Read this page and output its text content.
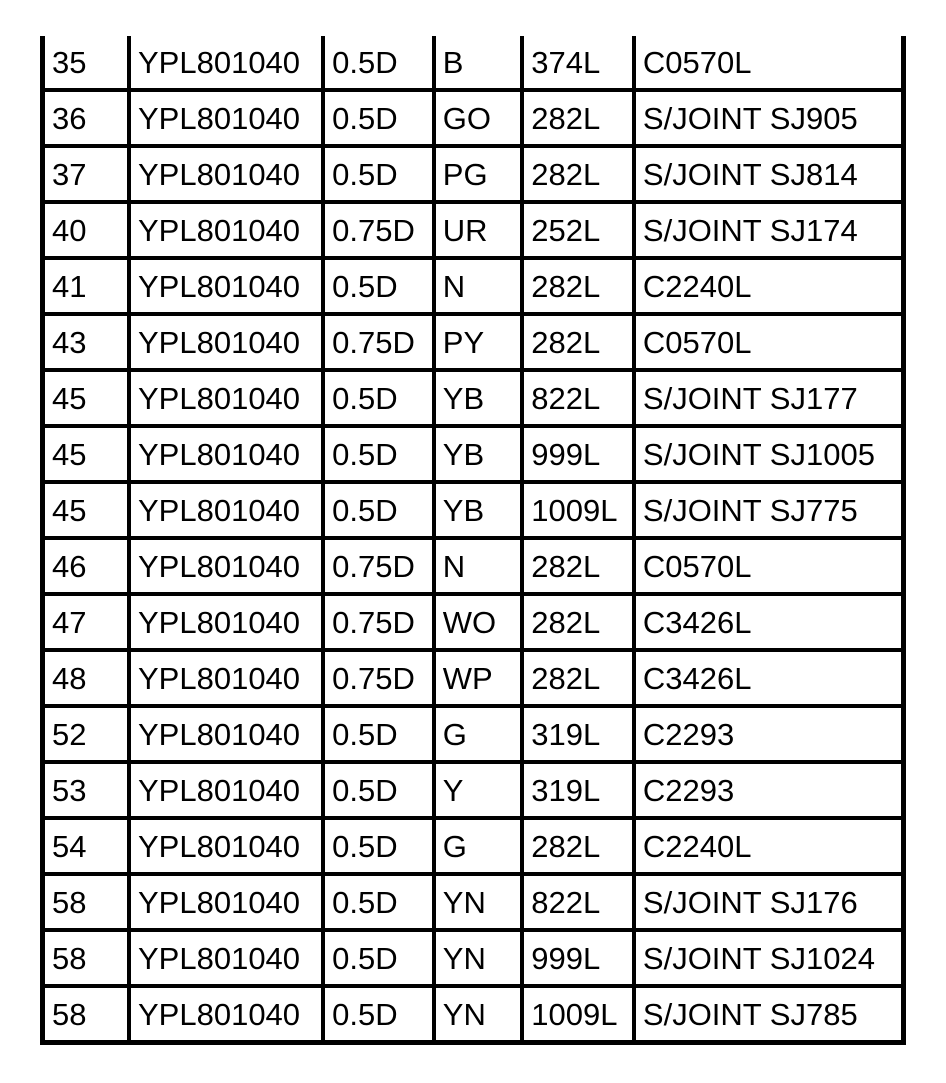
35	YPL801040	0.5D	B	374L	C0570L
36	YPL801040	0.5D	GO	282L	S/JOINT SJ905
37	YPL801040	0.5D	PG	282L	S/JOINT SJ814
40	YPL801040	0.75D	UR	252L	S/JOINT SJ174
41	YPL801040	0.5D	N	282L	C2240L
43	YPL801040	0.75D	PY	282L	C0570L
45	YPL801040	0.5D	YB	822L	S/JOINT SJ177
45	YPL801040	0.5D	YB	999L	S/JOINT SJ1005
45	YPL801040	0.5D	YB	1009L	S/JOINT SJ775
46	YPL801040	0.75D	N	282L	C0570L
47	YPL801040	0.75D	WO	282L	C3426L
48	YPL801040	0.75D	WP	282L	C3426L
52	YPL801040	0.5D	G	319L	C2293
53	YPL801040	0.5D	Y	319L	C2293
54	YPL801040	0.5D	G	282L	C2240L
58	YPL801040	0.5D	YN	822L	S/JOINT SJ176
58	YPL801040	0.5D	YN	999L	S/JOINT SJ1024
58	YPL801040	0.5D	YN	1009L	S/JOINT SJ785
